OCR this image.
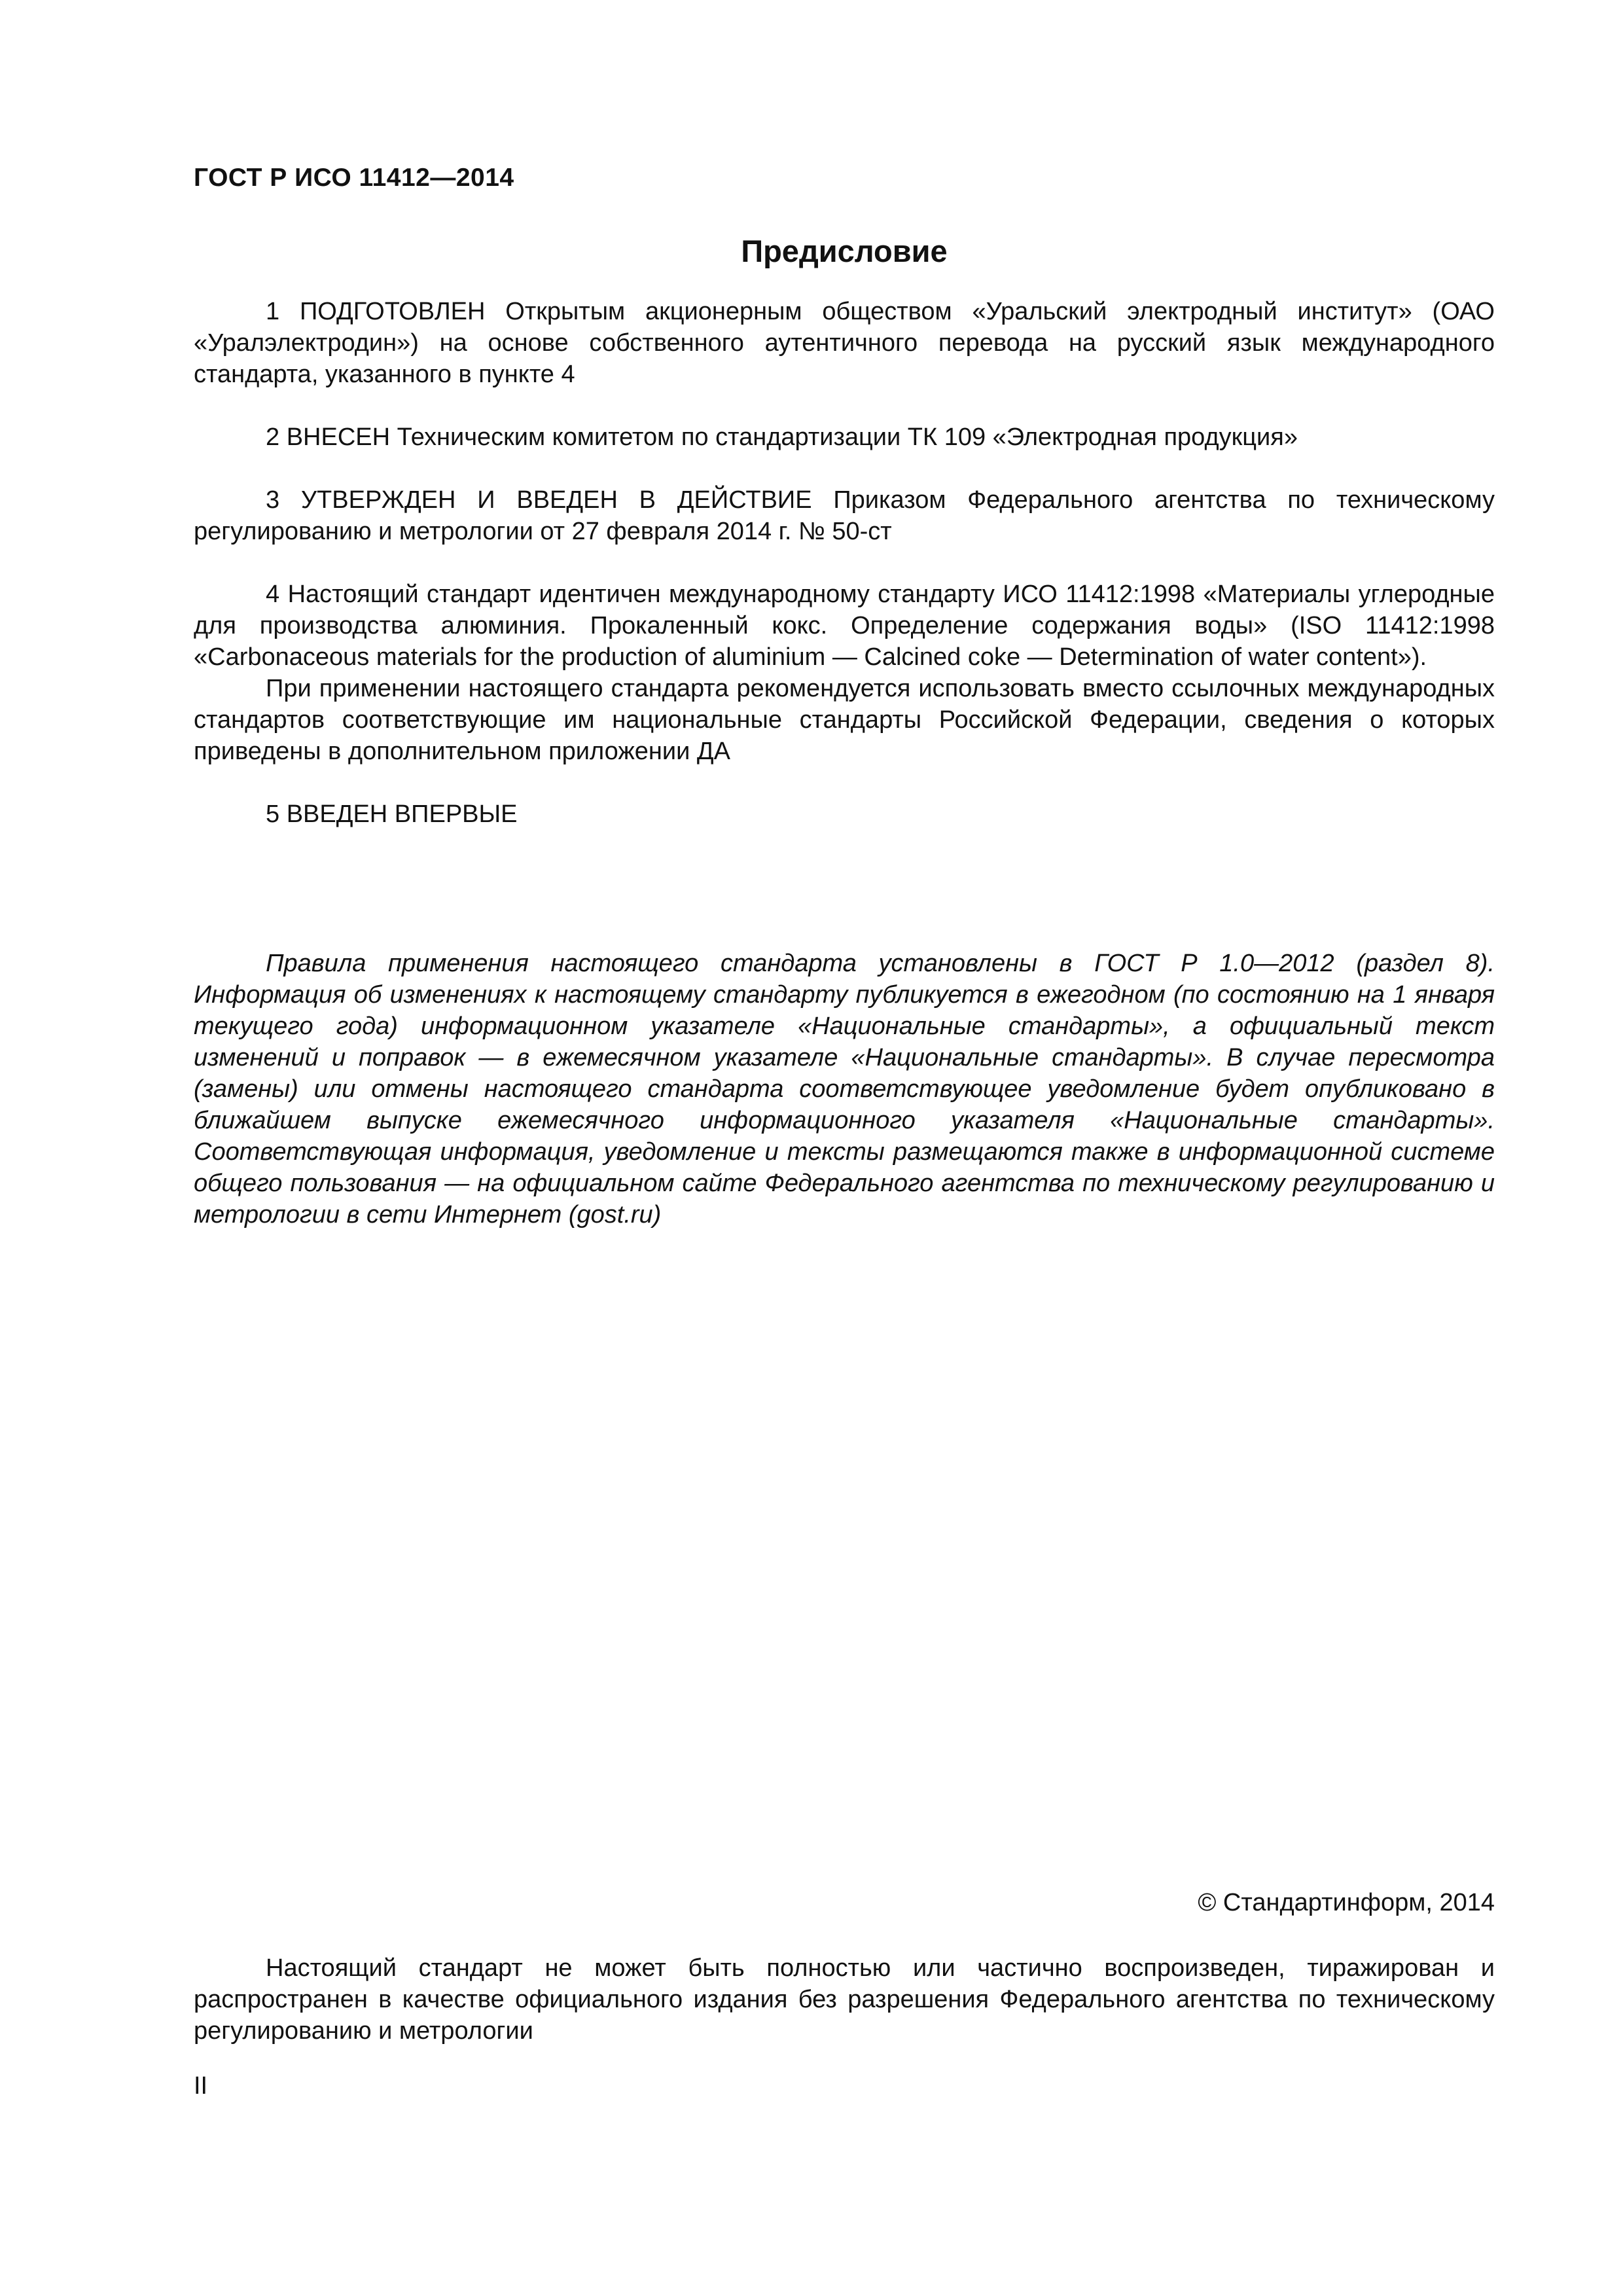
ГОСТ Р ИСО 11412—2014
Предисловие

1 ПОДГОТОВЛЕН Открытым акционерным обществом «Уральский электродный институт» (ОАО «Уралэлектродин») на основе собственного аутентичного перевода на русский язык международного стандарта, указанного в пункте 4

2 ВНЕСЕН Техническим комитетом по стандартизации ТК 109 «Электродная продукция»

3 УТВЕРЖДЕН И ВВЕДЕН В ДЕЙСТВИЕ Приказом Федерального агентства по техническому регулированию и метрологии от 27 февраля 2014 г. № 50-ст

4 Настоящий стандарт идентичен международному стандарту ИСО 11412:1998 «Материалы углеродные для производства алюминия. Прокаленный кокс. Определение содержания воды» (ISO 11412:1998 «Carbonaceous materials for the production of aluminium — Calcined coke — Determination of water content»).

При применении настоящего стандарта рекомендуется использовать вместо ссылочных международных стандартов соответствующие им национальные стандарты Российской Федерации, сведения о которых приведены в дополнительном приложении ДА

5 ВВЕДЕН ВПЕРВЫЕ

Правила применения настоящего стандарта установлены в ГОСТ Р 1.0—2012 (раздел 8). Информация об изменениях к настоящему стандарту публикуется в ежегодном (по состоянию на 1 января текущего года) информационном указателе «Национальные стандарты», а официальный текст изменений и поправок — в ежемесячном указателе «Национальные стандарты». В случае пересмотра (замены) или отмены настоящего стандарта соответствующее уведомление будет опубликовано в ближайшем выпуске ежемесячного информационного указателя «Национальные стандарты». Соответствующая информация, уведомление и тексты размещаются также в информационной системе общего пользования — на официальном сайте Федерального агентства по техническому регулированию и метрологии в сети Интернет (gost.ru)

© Стандартинформ, 2014

Настоящий стандарт не может быть полностью или частично воспроизведен, тиражирован и распространен в качестве официального издания без разрешения Федерального агентства по техническому регулированию и метрологии

II
